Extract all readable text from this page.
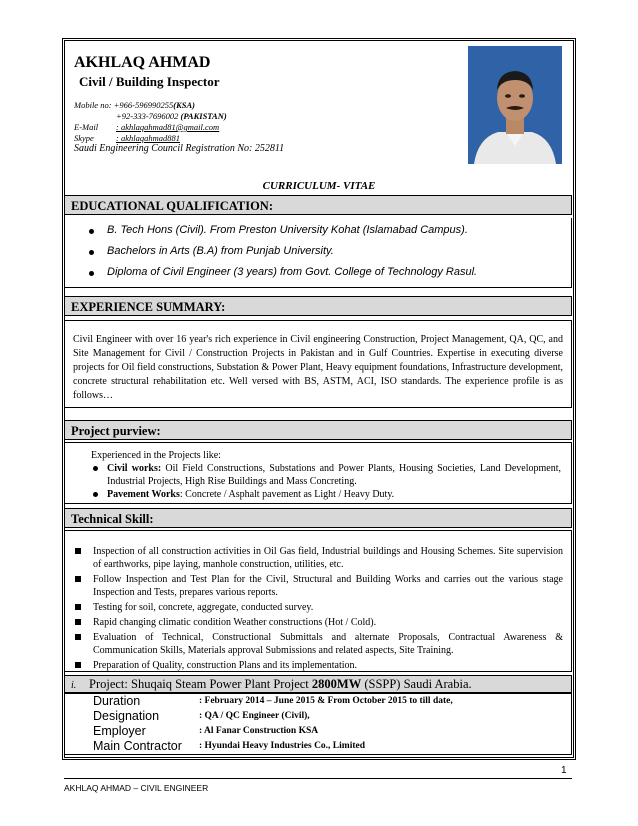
AKHLAQ AHMAD
Civil / Building Inspector
Mobile no: +966-596990255(KSA)
+92-333-7696002 (PAKISTAN)
E-Mail : akhlaqahmad81@gmail.com
Skype	: akhlaqahmad881
Saudi Engineering Council Registration No: 252811
CURRICULUM- VITAE
EDUCATIONAL QUALIFICATION:
B. Tech Hons (Civil). From Preston University Kohat (Islamabad Campus).
Bachelors in Arts (B.A) from Punjab University.
Diploma of Civil Engineer (3 years) from Govt. College of Technology Rasul.
EXPERIENCE SUMMARY:
Civil Engineer with over 16 year's rich experience in Civil engineering Construction, Project Management, QA, QC, and Site Management for Civil / Construction Projects in Pakistan and in Gulf Countries. Expertise in executing diverse projects for Oil field constructions, Substation & Power Plant, Heavy equipment foundations, Infrastructure development, concrete structural rehabilitation etc. Well versed with BS, ASTM, ACI, ISO standards. The experience profile is as follows…
Project purview:
Experienced in the Projects like:
Civil works: Oil Field Constructions, Substations and Power Plants, Housing Societies, Land Development, Industrial Projects, High Rise Buildings and Mass Concreting.
Pavement Works: Concrete / Asphalt pavement as Light / Heavy Duty.
Technical Skill:
Inspection of all construction activities in Oil Gas field, Industrial buildings and Housing Schemes. Site supervision of earthworks, pipe laying, manhole construction, utilities, etc.
Follow Inspection and Test Plan for the Civil, Structural and Building Works and carries out the various stage Inspection and Tests, prepares various reports.
Testing for soil, concrete, aggregate, conducted survey.
Rapid changing climatic condition Weather constructions (Hot / Cold).
Evaluation of Technical, Constructional Submittals and alternate Proposals, Contractual Awareness & Communication Skills, Materials approval Submissions and related aspects, Site Training.
Preparation of Quality, construction Plans and its implementation.
i. Project: Shuqaiq Steam Power Plant Project 2800MW (SSPP) Saudi Arabia.
Duration	: February 2014 – June 2015 & From October 2015 to till date,
Designation	: QA / QC Engineer (Civil),
Employer	: Al Fanar Construction KSA
Main Contractor	: Hyundai Heavy Industries Co., Limited
1
AKHLAQ AHMAD – CIVIL ENGINEER
